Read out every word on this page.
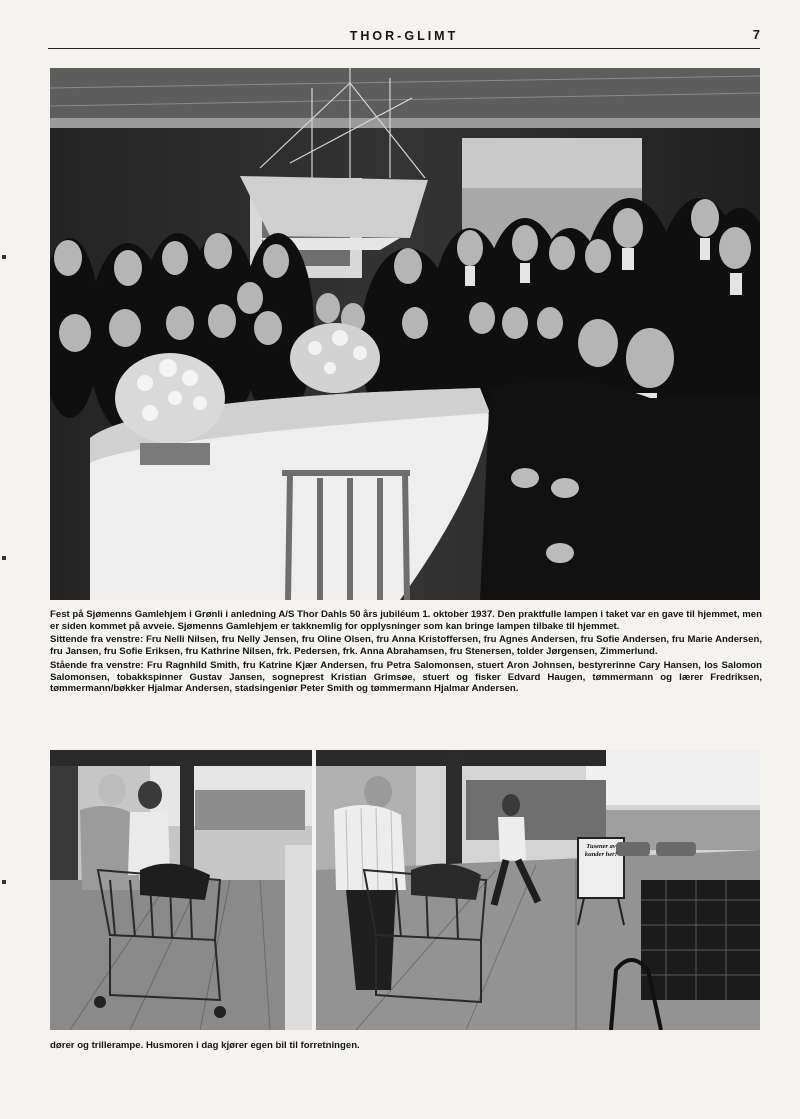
THOR-GLIMT	7

Fest på Sjømenns Gamlehjem i Grønli i anledning A/S Thor Dahls 50 års jubiléum 1. oktober 1937. Den praktfulle lampen i taket var en gave til hjemmet, men er siden kommet på avveie. Sjømenns Gamlehjem er takknemlig for opplysninger som kan bringe lampen tilbake til hjemmet.

Sittende fra venstre: Fru Nelli Nilsen, fru Nelly Jensen, fru Oline Olsen, fru Anna Kristoffersen, fru Agnes Andersen, fru Sofie Andersen, fru Marie Andersen, fru Jansen, fru Sofie Eriksen, fru Kathrine Nilsen, frk. Pedersen, frk. Anna Abrahamsen, fru Stenersen, tolder Jørgensen, Zimmerlund.

Stående fra venstre: Fru Ragnhild Smith, fru Katrine Kjær Andersen, fru Petra Salomonsen, stuert Aron Johnsen, bestyrerinne Cary Hansen, los Salomon Salomonsen, tobakkspinner Gustav Jansen, sogneprest Kristian Grimsøe, stuert og fisker Edvard Haugen, tømmermann og lærer Fredriksen, tømmermann/bøkker Hjalmar Andersen, stadsingeniør Peter Smith og tømmermann Hjalmar Andersen.

Tusener av kunder her!
dører og trillerampe. Husmoren i dag kjører egen bil til forretningen.
